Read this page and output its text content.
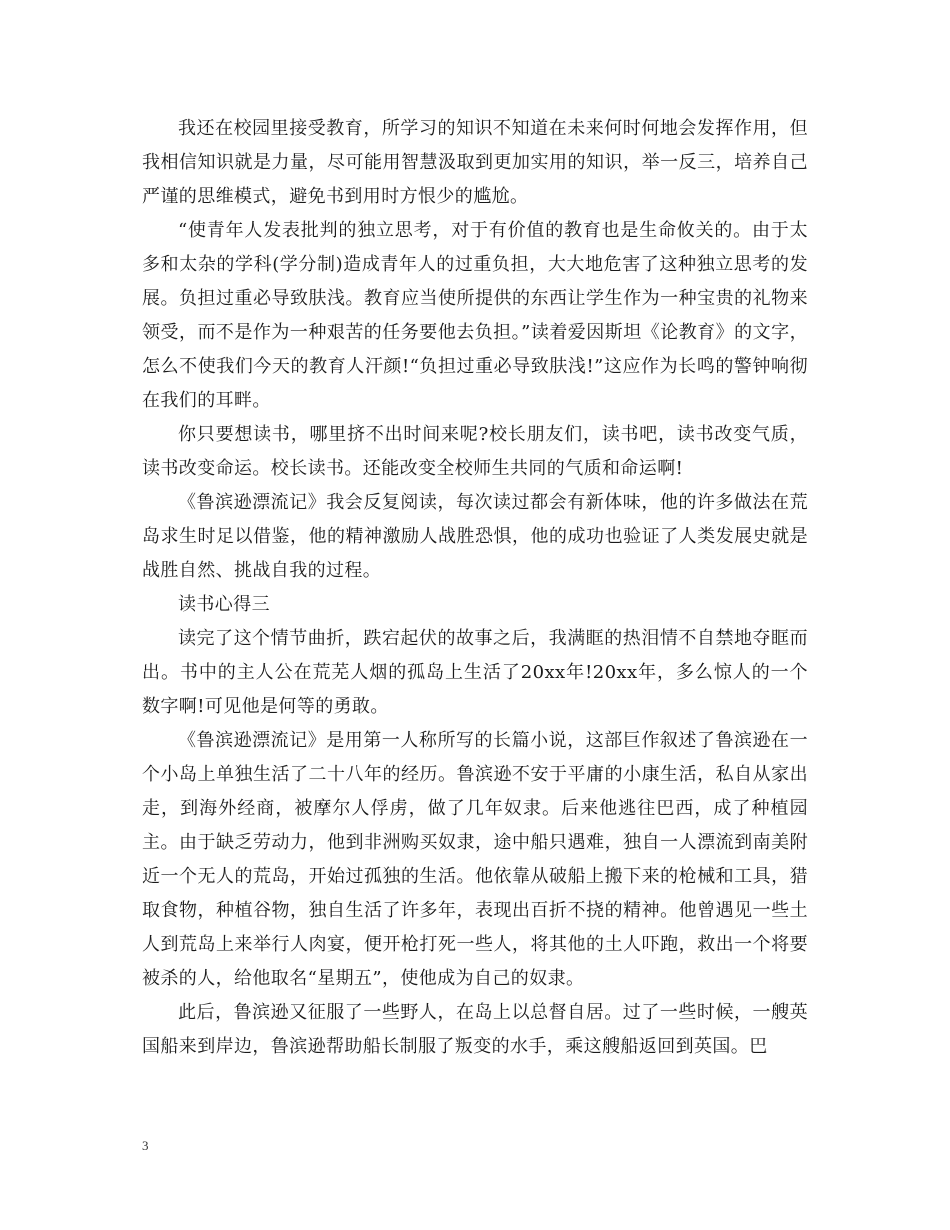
我还在校园里接受教育，所学习的知识不知道在未来何时何地会发挥作用，但我相信知识就是力量，尽可能用智慧汲取到更加实用的知识，举一反三，培养自己严谨的思维模式，避免书到用时方恨少的尴尬。

“使青年人发表批判的独立思考，对于有价值的教育也是生命攸关的。由于太多和太杂的学科(学分制)造成青年人的过重负担，大大地危害了这种独立思考的发展。负担过重必导致肤浅。教育应当使所提供的东西让学生作为一种宝贵的礼物来领受，而不是作为一种艰苦的任务要他去负担。”读着爱因斯坦《论教育》的文字，怎么不使我们今天的教育人汗颜!“负担过重必导致肤浅!”这应作为长鸣的警钟响彻在我们的耳畔。

你只要想读书，哪里挤不出时间来呢?校长朋友们，读书吧，读书改变气质，读书改变命运。校长读书。还能改变全校师生共同的气质和命运啊!

《鲁滨逊漂流记》我会反复阅读，每次读过都会有新体味，他的许多做法在荒岛求生时足以借鉴，他的精神激励人战胜恐惧，他的成功也验证了人类发展史就是战胜自然、挑战自我的过程。

读书心得三

读完了这个情节曲折，跌宕起伏的故事之后，我满眶的热泪情不自禁地夺眶而出。书中的主人公在荒芜人烟的孤岛上生活了20xx年!20xx年，多么惊人的一个数字啊!可见他是何等的勇敢。

《鲁滨逊漂流记》是用第一人称所写的长篇小说，这部巨作叙述了鲁滨逊在一个小岛上单独生活了二十八年的经历。鲁滨逊不安于平庸的小康生活，私自从家出走，到海外经商，被摩尔人俘虏，做了几年奴隶。后来他逃往巴西，成了种植园主。由于缺乏劳动力，他到非洲购买奴隶，途中船只遇难，独自一人漂流到南美附近一个无人的荒岛，开始过孤独的生活。他依靠从破船上搬下来的枪械和工具，猎取食物，种植谷物，独自生活了许多年，表现出百折不挠的精神。他曾遇见一些土人到荒岛上来举行人肉宴，便开枪打死一些人，将其他的土人吓跑，救出一个将要被杀的人，给他取名“星期五”，使他成为自己的奴隶。

此后，鲁滨逊又征服了一些野人，在岛上以总督自居。过了一些时候，一艘英国船来到岸边，鲁滨逊帮助船长制服了叛变的水手，乘这艘船返回到英国。巴

3
